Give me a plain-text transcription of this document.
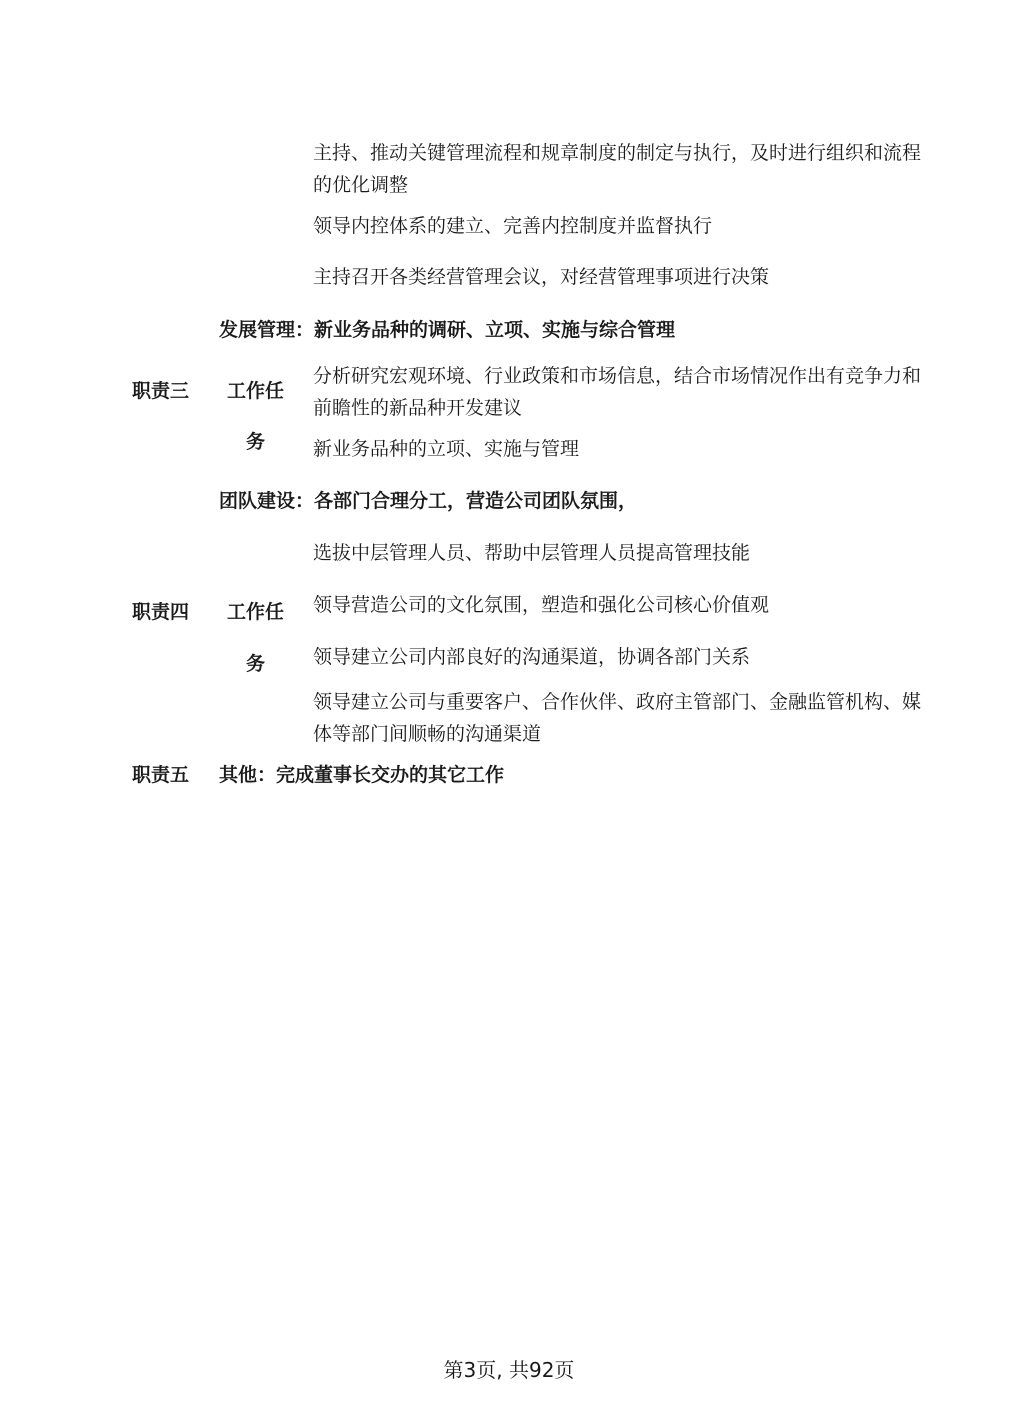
主持、推动关键管理流程和规章制度的制定与执行，及时进行组织和流程的优化调整
领导内控体系的建立、完善内控制度并监督执行
主持召开各类经营管理会议，对经营管理事项进行决策
发展管理：新业务品种的调研、立项、实施与综合管理
职责三 工作任
务
分析研究宏观环境、行业政策和市场信息，结合市场情况作出有竞争力和前瞻性的新品种开发建议
新业务品种的立项、实施与管理
团队建设：各部门合理分工，营造公司团队氛围，
选拔中层管理人员、帮助中层管理人员提高管理技能
职责四 工作任 领导营造公司的文化氛围，塑造和强化公司核心价值观
务	领导建立公司内部良好的沟通渠道，协调各部门关系
领导建立公司与重要客户、合作伙伴、政府主管部门、金融监管机构、媒体等部门间顺畅的沟通渠道
职责五 其他：完成董事长交办的其它工作
第3页, 共92页
